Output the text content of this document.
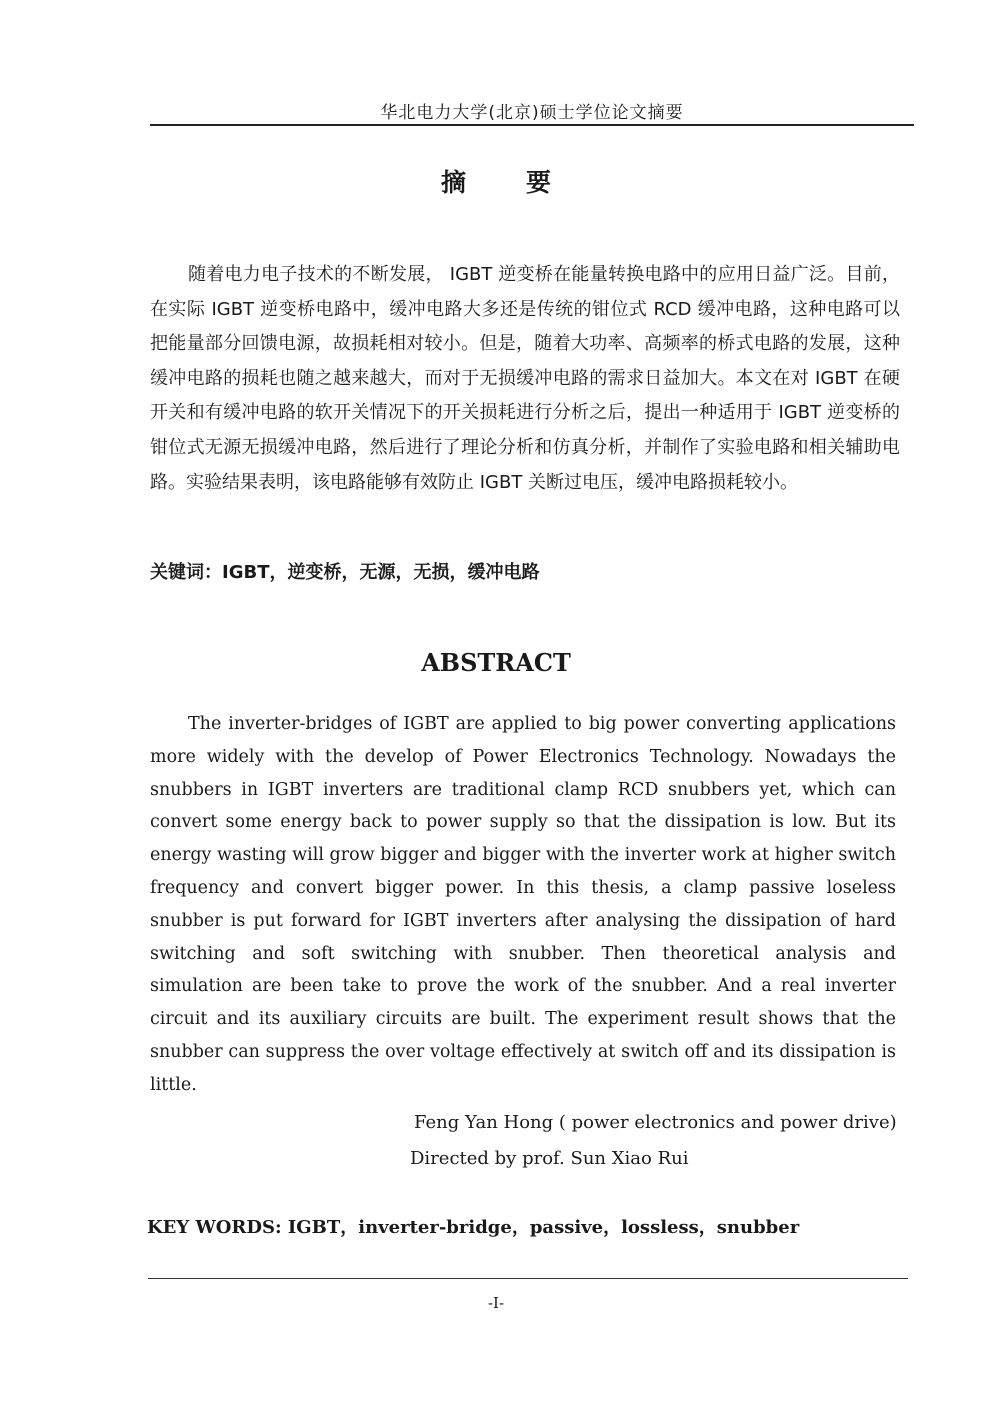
华北电力大学(北京)硕士学位论文摘要
摘要

随着电力电子技术的不断发展， IGBT 逆变桥在能量转换电路中的应用日益广泛。目前，在实际 IGBT 逆变桥电路中，缓冲电路大多还是传统的钳位式 RCD 缓冲电路，这种电路可以把能量部分回馈电源，故损耗相对较小。但是，随着大功率、高频率的桥式电路的发展，这种缓冲电路的损耗也随之越来越大，而对于无损缓冲电路的需求日益加大。本文在对 IGBT 在硬开关和有缓冲电路的软开关情况下的开关损耗进行分析之后，提出一种适用于 IGBT 逆变桥的钳位式无源无损缓冲电路，然后进行了理论分析和仿真分析，并制作了实验电路和相关辅助电路。实验结果表明，该电路能够有效防止 IGBT 关断过电压，缓冲电路损耗较小。

关键词：IGBT，逆变桥，无源，无损，缓冲电路
ABSTRACT

The inverter-bridges of IGBT are applied to big power converting applications more widely with the develop of Power Electronics Technology. Nowadays the snubbers in IGBT inverters are traditional clamp RCD snubbers yet, which can convert some energy back to power supply so that the dissipation is low. But its energy wasting will grow bigger and bigger with the inverter work at higher switch frequency and convert bigger power. In this thesis, a clamp passive loseless snubber is put forward for IGBT inverters after analysing the dissipation of hard switching and soft switching with snubber. Then theoretical analysis and simulation are been take to prove the work of the snubber. And a real inverter circuit and its auxiliary circuits are built. The experiment result shows that the snubber can suppress the over voltage effectively at switch off and its dissipation is little.

Feng Yan Hong ( power electronics and power drive)
Directed by prof. Sun Xiao Rui
KEY WORDS: IGBT，inverter-bridge，passive，lossless，snubber
-I-
